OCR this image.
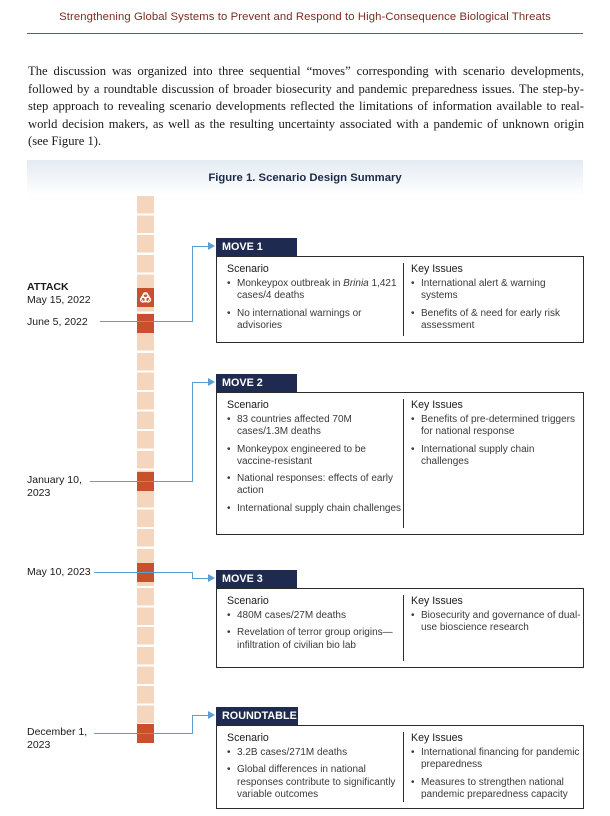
Strengthening Global Systems to Prevent and Respond to High-Consequence Biological Threats

The discussion was organized into three sequential “moves” corresponding with scenario developments, followed by a roundtable discussion of broader biosecurity and pandemic preparedness issues. The step-by-step approach to revealing scenario developments reflected the limitations of information available to real-world decision makers, as well as the resulting uncertainty associated with a pandemic of unknown origin (see Figure 1).

Figure 1. Scenario Design Summary
ATTACK
May 15, 2022
June 5, 2022
January 10, 2023
May 10, 2023
December 1, 2023
MOVE 1
Scenario
• Monkeypox outbreak in Brinia 1,421 cases/4 deaths
• No international warnings or advisories
Key Issues
• International alert & warning systems
• Benefits of & need for early risk assessment
MOVE 2
Scenario
• 83 countries affected 70M cases/1.3M deaths
• Monkeypox engineered to be vaccine-resistant
• National responses: effects of early action
• International supply chain challenges
Key Issues
• Benefits of pre-determined triggers for national response
• International supply chain challenges
MOVE 3
Scenario
• 480M cases/27M deaths
• Revelation of terror group origins—infiltration of civilian bio lab
Key Issues
• Biosecurity and governance of dual-use bioscience research
ROUNDTABLE
Scenario
• 3.2B cases/271M deaths
• Global differences in national responses contribute to significantly variable outcomes
Key Issues
• International financing for pandemic preparedness
• Measures to strengthen national pandemic preparedness capacity
